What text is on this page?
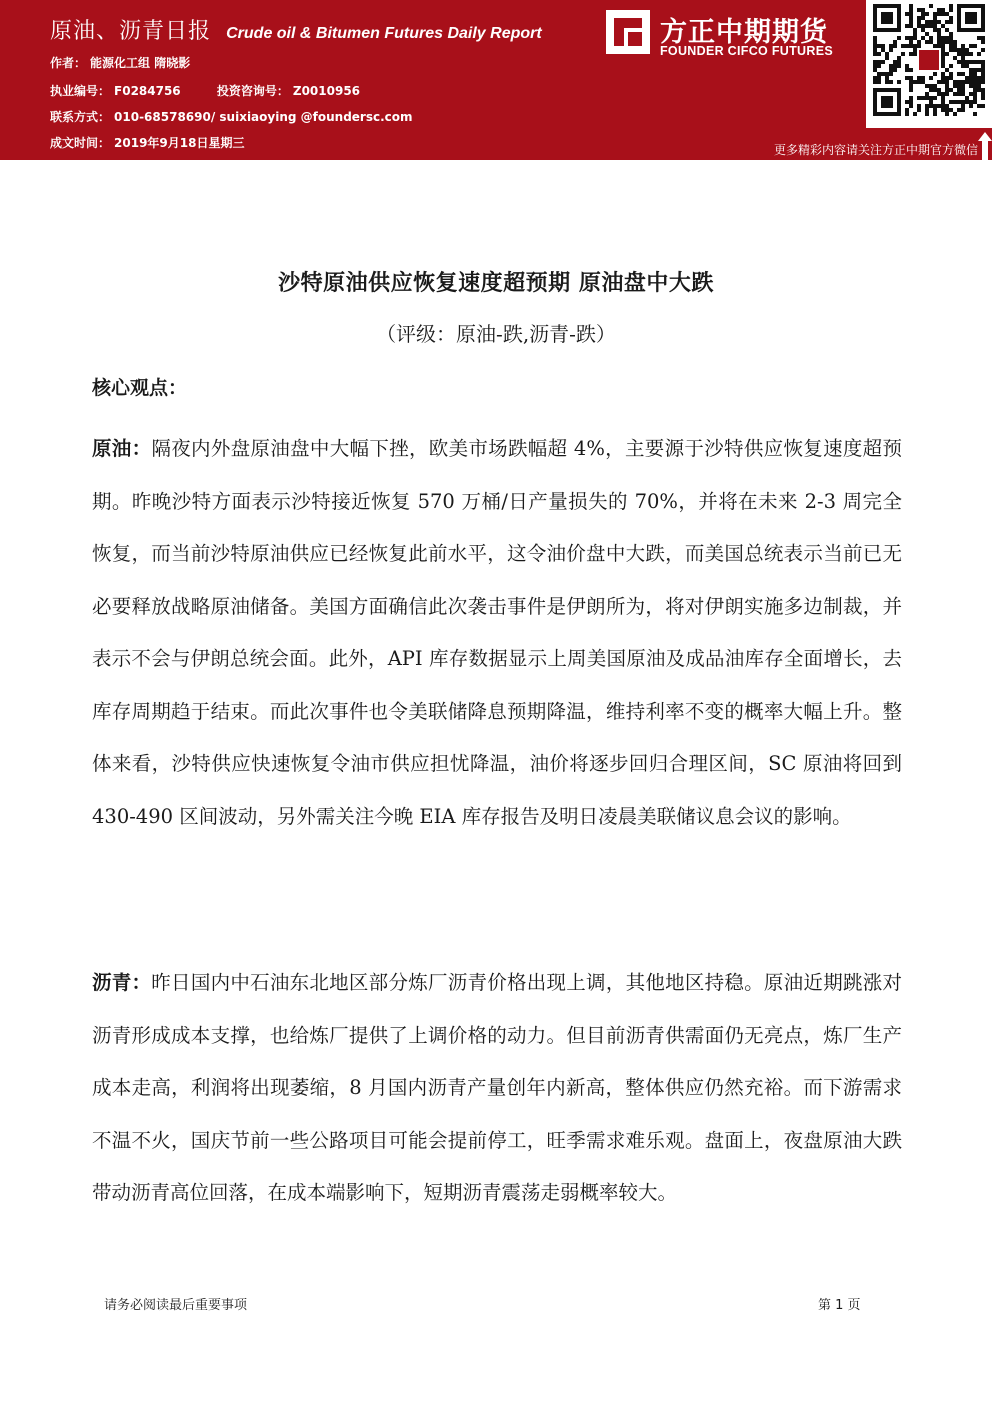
原油、沥青日报 Crude oil & Bitumen Futures Daily Report
作者： 能源化工组 隋晓影
执业编号： F0284756	投资咨询号： Z0010956
联系方式： 010-68578690/ suixiaoying @foundersc.com
成文时间： 2019年9月18日星期三
方正中期期货
FOUNDER CIFCO FUTURES
更多精彩内容请关注方正中期官方微信
沙特原油供应恢复速度超预期 原油盘中大跌
（评级：原油-跌,沥青-跌）
核心观点：
原油：隔夜内外盘原油盘中大幅下挫，欧美市场跌幅超 4%，主要源于沙特供应恢复速度超预期。昨晚沙特方面表示沙特接近恢复 570 万桶/日产量损失的 70%，并将在未来 2-3 周完全恢复，而当前沙特原油供应已经恢复此前水平，这令油价盘中大跌，而美国总统表示当前已无必要释放战略原油储备。美国方面确信此次袭击事件是伊朗所为，将对伊朗实施多边制裁，并表示不会与伊朗总统会面。此外，API 库存数据显示上周美国原油及成品油库存全面增长，去库存周期趋于结束。而此次事件也令美联储降息预期降温，维持利率不变的概率大幅上升。整体来看，沙特供应快速恢复令油市供应担忧降温，油价将逐步回归合理区间，SC 原油将回到 430-490 区间波动，另外需关注今晚 EIA 库存报告及明日凌晨美联储议息会议的影响。
沥青：昨日国内中石油东北地区部分炼厂沥青价格出现上调，其他地区持稳。原油近期跳涨对沥青形成成本支撑，也给炼厂提供了上调价格的动力。但目前沥青供需面仍无亮点，炼厂生产成本走高，利润将出现萎缩，8 月国内沥青产量创年内新高，整体供应仍然充裕。而下游需求不温不火，国庆节前一些公路项目可能会提前停工，旺季需求难乐观。盘面上，夜盘原油大跌带动沥青高位回落，在成本端影响下，短期沥青震荡走弱概率较大。
请务必阅读最后重要事项	第 1 页
